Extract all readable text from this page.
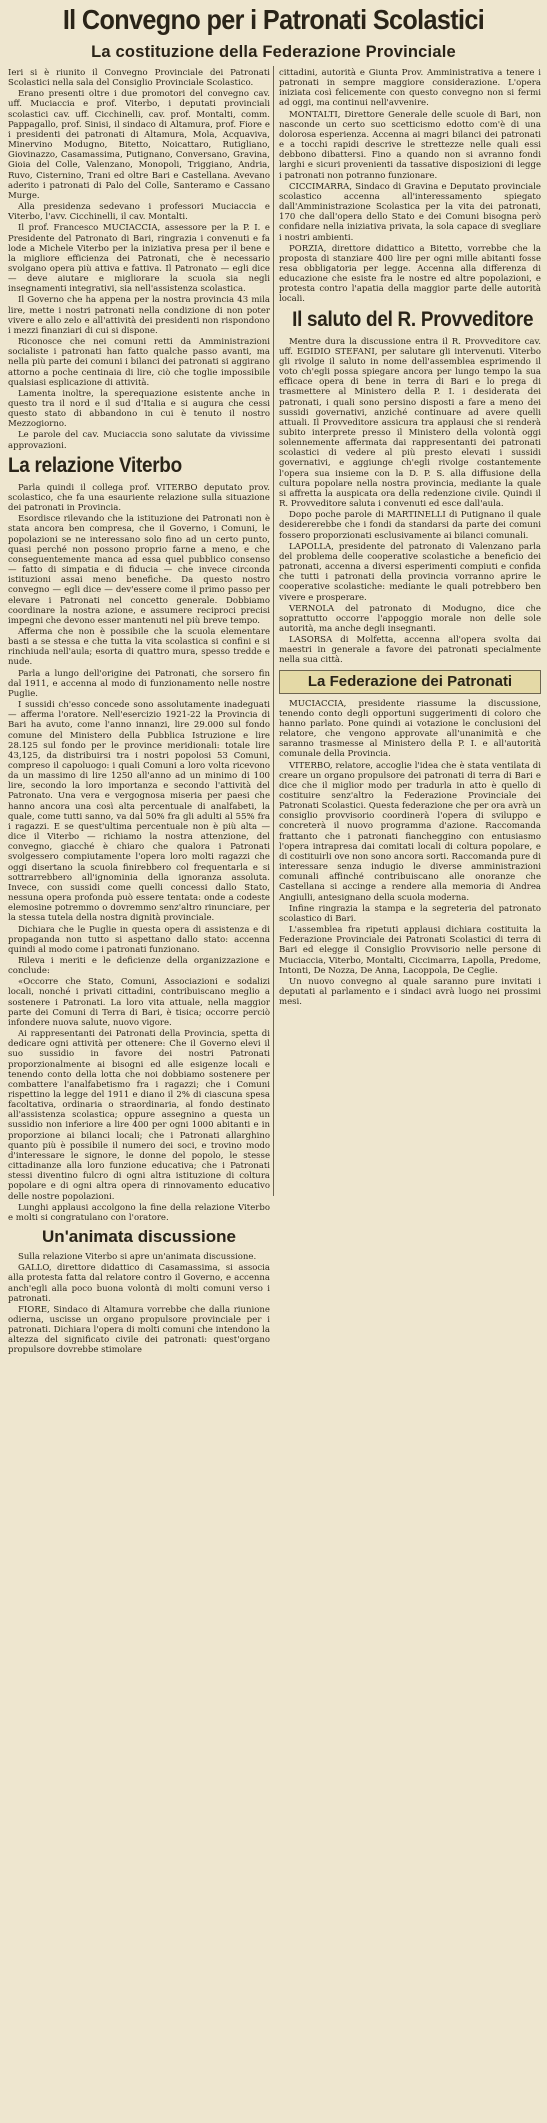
Il Convegno per i Patronati Scolastici
La costituzione della Federazione Provinciale

Ieri si è riunito il Convegno Provinciale dei Patronati Scolastici nella sala del Consiglio Provinciale Scolastico.

Erano presenti oltre i due promotori del convegno cav. uff. Muciaccia e prof. Viterbo, i deputati provinciali scolastici cav. uff. Cicchinelli, cav. prof. Montalti, comm. Pappagallo, prof. Sinisi, il sindaco di Altamura, prof. Fiore e i presidenti dei patronati di Altamura, Mola, Acquaviva, Minervino Modugno, Bitetto, Noicattaro, Rutigliano, Giovinazzo, Casamassima, Putignano, Conversano, Gravina, Gioia del Colle, Valenzano, Monopoli, Triggiano, Andria, Ruvo, Cisternino, Trani ed oltre Bari e Castellana. Avevano aderito i patronati di Palo del Colle, Santeramo e Cassano Murge.

Alla presidenza sedevano i professori Muciaccia e Viterbo, l'avv. Cicchinelli, il cav. Montalti.

Il prof. Francesco MUCIACCIA, assessore per la P. I. e Presidente del Patronato di Bari, ringrazia i convenuti e fa lode a Michele Viterbo per la iniziativa presa per il bene e la migliore efficienza dei Patronati, che è necessario svolgano opera più attiva e fattiva. Il Patronato — egli dice — deve aiutare e migliorare la scuola sia negli insegnamenti integrativi, sia nell'assistenza scolastica.

Il Governo che ha appena per la nostra provincia 43 mila lire, mette i nostri patronati nella condizione di non poter vivere e allo zelo e all'attività dei presidenti non rispondono i mezzi finanziari di cui si dispone.

Riconosce che nei comuni retti da Amministrazioni socialiste i patronati han fatto qualche passo avanti, ma nella più parte dei comuni i bilanci dei patronati si aggirano attorno a poche centinaia di lire, ciò che toglie impossibile qualsiasi esplicazione di attività.

Lamenta inoltre, la sperequazione esistente anche in questo tra il nord e il sud d'Italia e si augura che cessi questo stato di abbandono in cui è tenuto il nostro Mezzogiorno.

Le parole del cav. Muciaccia sono salutate da vivissime approvazioni.

La relazione Viterbo

Parla quindi il collega prof. VITERBO deputato prov. scolastico, che fa una esauriente relazione sulla situazione dei patronati in Provincia.

Esordisce rilevando che la istituzione dei Patronati non è stata ancora ben compresa, che il Governo, i Comuni, le popolazioni se ne interessano solo fino ad un certo punto, quasi perché non possono proprio farne a meno, e che conseguentemente manca ad essa quel pubblico consenso — fatto di simpatia e di fiducia — che invece circonda istituzioni assai meno benefiche. Da questo nostro convegno — egli dice — dev'essere come il primo passo per elevare i Patronati nel concetto generale. Dobbiamo coordinare la nostra azione, e assumere reciproci precisi impegni che devono esser mantenuti nel più breve tempo.

Afferma che non è possibile che la scuola elementare basti a se stessa e che tutta la vita scolastica si confini e si rinchiuda nell'aula; esorta di quattro mura, spesso tredde e nude.

Parla a lungo dell'origine dei Patronati, che sorsero fin dal 1911, e accenna al modo di funzionamento nelle nostre Puglie.

I sussidi ch'esso concede sono assolutamente inadeguati — afferma l'oratore. Nell'esercizio 1921-22 la Provincia di Bari ha avuto, come l'anno innanzi, lire 29.000 sul fondo comune del Ministero della Pubblica Istruzione e lire 28.125 sul fondo per le province meridionali: totale lire 43,125, da distribuirsi tra i nostri popolosi 53 Comuni, compreso il capoluogo: i quali Comuni a loro volta ricevono da un massimo di lire 1250 all'anno ad un minimo di 100 lire, secondo la loro importanza e secondo l'attività del Patronato. Una vera e vergognosa miseria per paesi che hanno ancora una così alta percentuale di analfabeti, la quale, come tutti sanno, va dal 50% fra gli adulti al 55% fra i ragazzi. E se quest'ultima percentuale non è più alta — dice il Viterbo — richiamo la nostra attenzione, del convegno, giacché è chiaro che qualora i Patronati svolgessero compiutamente l'opera loro molti ragazzi che oggi disertano la scuola finirebbero col frequentarla e si sottrarrebbero all'ignominia della ignoranza assoluta. Invece, con sussidi come quelli concessi dallo Stato, nessuna opera profonda può essere tentata: onde a codeste elemosine potremmo o dovremmo senz'altro rinunciare, per la stessa tutela della nostra dignità provinciale.

Dichiara che le Puglie in questa opera di assistenza e di propaganda non tutto si aspettano dallo stato: accenna quindi al modo come i patronati funzionano.

Rileva i meriti e le deficienze della organizzazione e conclude:

«Occorre che Stato, Comuni, Associazioni e sodalizi locali, nonché i privati cittadini, contribuiscano meglio a sostenere i Patronati. La loro vita attuale, nella maggior parte dei Comuni di Terra di Bari, è tisica; occorre perciò infondere nuova salute, nuovo vigore.

Ai rappresentanti dei Patronati della Provincia, spetta di dedicare ogni attività per ottenere: Che il Governo elevi il suo sussidio in favore dei nostri Patronati proporzionalmente ai bisogni ed alle esigenze locali e tenendo conto della lotta che noi dobbiamo sostenere per combattere l'analfabetismo fra i ragazzi; che i Comuni rispettino la legge del 1911 e diano il 2% di ciascuna spesa facoltativa, ordinaria o straordinaria, al fondo destinato all'assistenza scolastica; oppure assegnino a questa un sussidio non inferiore a lire 400 per ogni 1000 abitanti e in proporzione ai bilanci locali; che i Patronati allarghino quanto più è possibile il numero dei soci, e trovino modo d'interessare le signore, le donne del popolo, le stesse cittadinanze alla loro funzione educativa; che i Patronati stessi diventino fulcro di ogni altra istituzione di coltura popolare e di ogni altra opera di rinnovamento educativo delle nostre popolazioni.

Lunghi applausi accolgono la fine della relazione Viterbo e molti si congratulano con l'oratore.

Un'animata discussione

Sulla relazione Viterbo si apre un'animata discussione.

GALLO, direttore didattico di Casamassima, si associa alla protesta fatta dal relatore contro il Governo, e accenna anch'egli alla poco buona volontà di molti comuni verso i patronati.

FIORE, Sindaco di Altamura vorrebbe che dalla riunione odierna, uscisse un organo propulsore provinciale per i patronati. Dichiara l'opera di molti comuni che intendono la altezza del significato civile dei patronati: quest'organo propulsore dovrebbe stimolare

cittadini, autorità e Giunta Prov. Amministrativa a tenere i patronati in sempre maggiore considerazione. L'opera iniziata così felicemente con questo convegno non si fermi ad oggi, ma continui nell'avvenire.

MONTALTI, Direttore Generale delle scuole di Bari, non nasconde un certo suo scetticismo edotto com'è di una dolorosa esperienza. Accenna ai magri bilanci dei patronati e a tocchi rapidi descrive le strettezze nelle quali essi debbono dibattersi. Fino a quando non si avranno fondi larghi e sicuri provenienti da tassative disposizioni di legge i patronati non potranno funzionare.

CICCIMARRA, Sindaco di Gravina e Deputato provinciale scolastico accenna all'interessamento spiegato dall'Amministrazione Scolastica per la vita dei patronati, 170 che dall'opera dello Stato e dei Comuni bisogna però confidare nella iniziativa privata, la sola capace di svegliare i nostri ambienti.

PORZIA, direttore didattico a Bitetto, vorrebbe che la proposta di stanziare 400 lire per ogni mille abitanti fosse resa obbligatoria per legge. Accenna alla differenza di educazione che esiste fra le nostre ed altre popolazioni, e protesta contro l'apatia della maggior parte delle autorità locali.

Il saluto del R. Provveditore

Mentre dura la discussione entra il R. Provveditore cav. uff. EGIDIO STEFANI, per salutare gli intervenuti. Viterbo gli rivolge il saluto in nome dell'assemblea esprimendo il voto ch'egli possa spiegare ancora per lungo tempo la sua efficace opera di bene in terra di Bari e lo prega di trasmettere al Ministero della P. I. i desiderata dei patronati, i quali sono persino disposti a fare a meno dei sussidi governativi, anziché continuare ad avere quelli attuali. Il Provveditore assicura tra applausi che si renderà subito interprete presso il Ministero della volontà oggi solennemente affermata dai rappresentanti dei patronati scolastici di vedere al più presto elevati i sussidi governativi, e aggiunge ch'egli rivolge costantemente l'opera sua insieme con la D. P. S. alla diffusione della cultura popolare nella nostra provincia, mediante la quale si affretta la auspicata ora della redenzione civile. Quindi il R. Provveditore saluta i convenuti ed esce dall'aula.

Dopo poche parole di MARTINELLI di Putignano il quale desidererebbe che i fondi da standarsi da parte dei comuni fossero proporzionati esclusivamente ai bilanci comunali.

LAPOLLA, presidente del patronato di Valenzano parla del problema delle cooperative scolastiche a beneficio dei patronati, accenna a diversi esperimenti compiuti e confida che tutti i patronati della provincia vorranno aprire le cooperative scolastiche: mediante le quali potrebbero ben vivere e prosperare.

VERNOLA del patronato di Modugno, dice che soprattutto occorre l'appoggio morale non delle sole autorità, ma anche degli insegnanti.

LASORSA di Molfetta, accenna all'opera svolta dai maestri in generale a favore dei patronati specialmente nella sua città.

La Federazione dei Patronati

MUCIACCIA, presidente riassume la discussione, tenendo conto degli opportuni suggerimenti di coloro che hanno parlato. Pone quindi ai votazione le conclusioni del relatore, che vengono approvate all'unanimità e che saranno trasmesse al Ministero della P. I. e all'autorità comunale della Provincia.

VITERBO, relatore, accoglie l'idea che è stata ventilata di creare un organo propulsore dei patronati di terra di Bari e dice che il miglior modo per tradurla in atto è quello di costituire senz'altro la Federazione Provinciale dei Patronati Scolastici. Questa federazione che per ora avrà un consiglio provvisorio coordinerà l'opera di sviluppo e concreterà il nuovo programma d'azione. Raccomanda frattanto che i patronati fiancheggino con entusiasmo l'opera intrapresa dai comitati locali di coltura popolare, e di costituirli ove non sono ancora sorti. Raccomanda pure di interessare senza indugio le diverse amministrazioni comunali affinché contribuiscano alle onoranze che Castellana si accinge a rendere alla memoria di Andrea Angiulli, antesignano della scuola moderna.

Infine ringrazia la stampa e la segreteria del patronato scolastico di Bari.

L'assemblea fra ripetuti applausi dichiara costituita la Federazione Provinciale dei Patronati Scolastici di terra di Bari ed elegge il Consiglio Provvisorio nelle persone di Muciaccia, Viterbo, Montalti, Ciccimarra, Lapolla, Predome, Intonti, De Nozza, De Anna, Lacoppola, De Ceglie.

Un nuovo convegno al quale saranno pure invitati i deputati al parlamento e i sindaci avrà luogo nei prossimi mesi.
